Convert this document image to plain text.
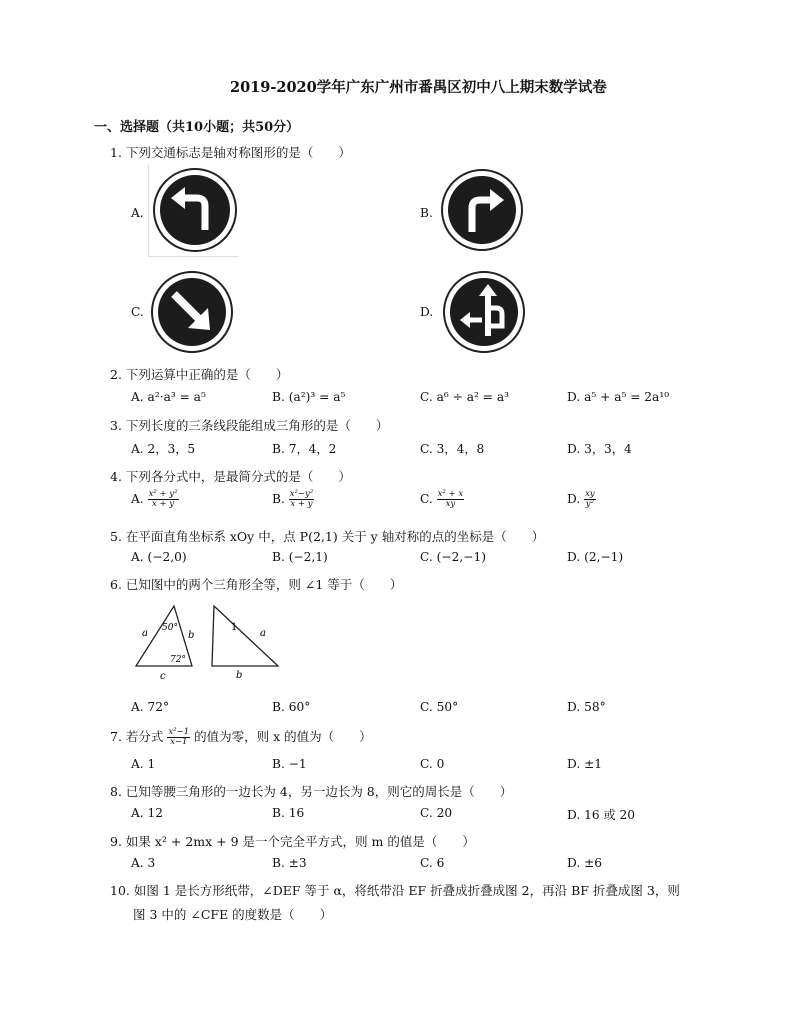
2019-2020学年广东广州市番禺区初中八上期末数学试卷
一、选择题（共10小题；共50分）
1. 下列交通标志是轴对称图形的是（　　）
A.	B.
C.	D.
2. 下列运算中正确的是（　　）
A. a²·a³ = a⁵	B. (a²)³ = a⁵	C. a⁶ ÷ a² = a³	D. a⁵ + a⁵ = 2a¹⁰
3. 下列长度的三条线段能组成三角形的是（　　）
A. 2，3，5	B. 7，4，2	C. 3，4，8	D. 3，3，4
4. 下列各分式中，是最简分式的是（　　）
A. $\frac{\text{x² + y²}}{x + y}$	B. $\frac{\text{x²−y²}}{x + y}$	C. $\frac{\text{x² + x}}{xy}$	D. $\frac{xy}{\text{y²}}$
5. 在平面直角坐标系 xOy 中，点 P(2,1) 关于 y 轴对称的点的坐标是（　　）
A. (−2,0)	B. (−2,1)	C. (−2,−1)	D. (2,−1)
6. 已知图中的两个三角形全等，则 ∠1 等于（　　）
50°
a	b
72°
c
1
a
b
A. 72°	B. 60°	C. 50°	D. 58°
7. 若分式 $\frac{\text{x²−1}}{x-1}$ 的值为零，则 x 的值为（　　）
A. 1	B. −1	C. 0	D. ±1
8. 已知等腰三角形的一边长为 4，另一边长为 8，则它的周长是（　　）
A. 12	B. 16	C. 20	D. 16 或 20
9. 如果 x² + 2mx + 9 是一个完全平方式，则 m 的值是（　　）
A. 3	B. ±3	C. 6	D. ±6
10. 如图 1 是长方形纸带，∠DEF 等于 α，将纸带沿 EF 折叠成折叠成图 2，再沿 BF 折叠成图 3，则
图 3 中的 ∠CFE 的度数是（　　）
